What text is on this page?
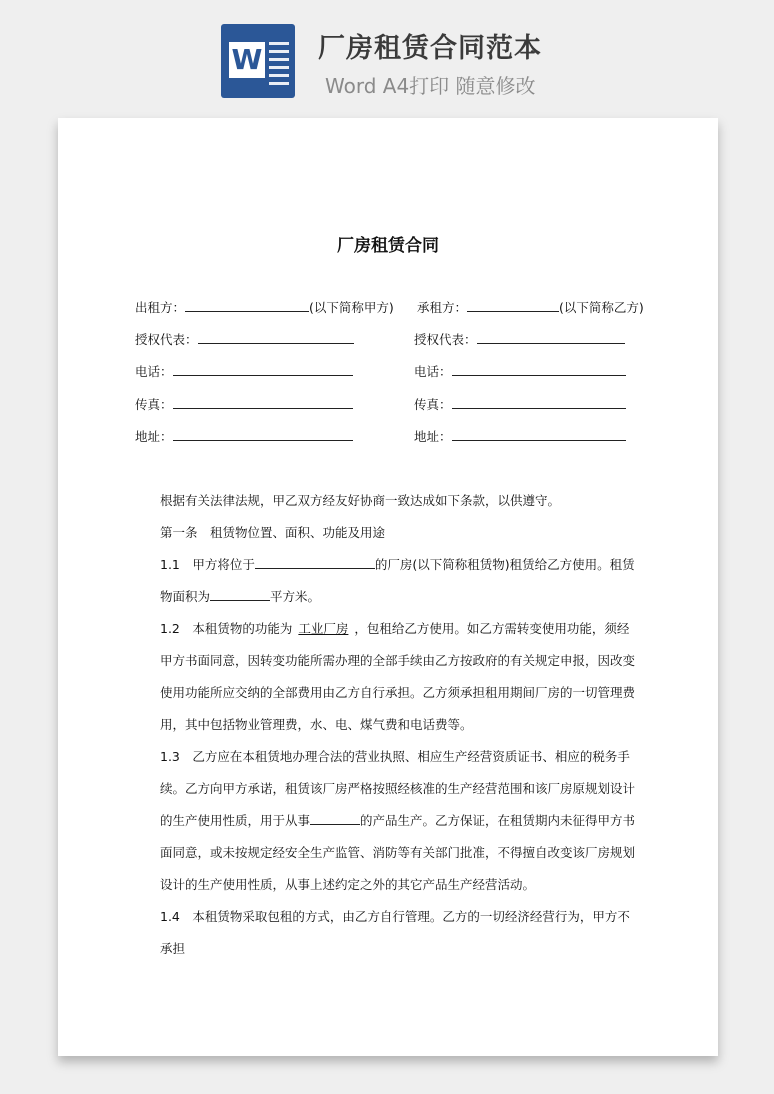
W 厂房租赁合同范本
Word A4打印 随意修改
​
厂房租赁合同
出租方：	(以下简称甲方) 承租方：	(以下简称乙方)
授权代表：	授权代表：
电话：	电话：
传真：	传真：
地址：	地址：
根据有关法律法规，甲乙双方经友好协商一致达成如下条款，以供遵守。
第一条　租赁物位置、面积、功能及用途
1.1　甲方将位于	的厂房(以下简称租赁物)租赁给乙方使用。租赁物面积为	平方米。
1.2　本租赁物的功能为 工业厂房 ，包租给乙方使用。如乙方需转变使用功能，须经甲方书面同意，因转变功能所需办理的全部手续由乙方按政府的有关规定申报，因改变使用功能所应交纳的全部费用由乙方自行承担。乙方须承担租用期间厂房的一切管理费用，其中包括物业管理费，水、电、煤气费和电话费等。
1.3　乙方应在本租赁地办理合法的营业执照、相应生产经营资质证书、相应的税务手续。乙方向甲方承诺，租赁该厂房严格按照经核准的生产经营范围和该厂房原规划设计的生产使用性质，用于从事	的产品生产。乙方保证，在租赁期内未征得甲方书面同意，或未按规定经安全生产监管、消防等有关部门批准，不得擅自改变该厂房规划设计的生产使用性质，从事上述约定之外的其它产品生产经营活动。
1.4　本租赁物采取包租的方式，由乙方自行管理。乙方的一切经济经营行为，甲方不承担
